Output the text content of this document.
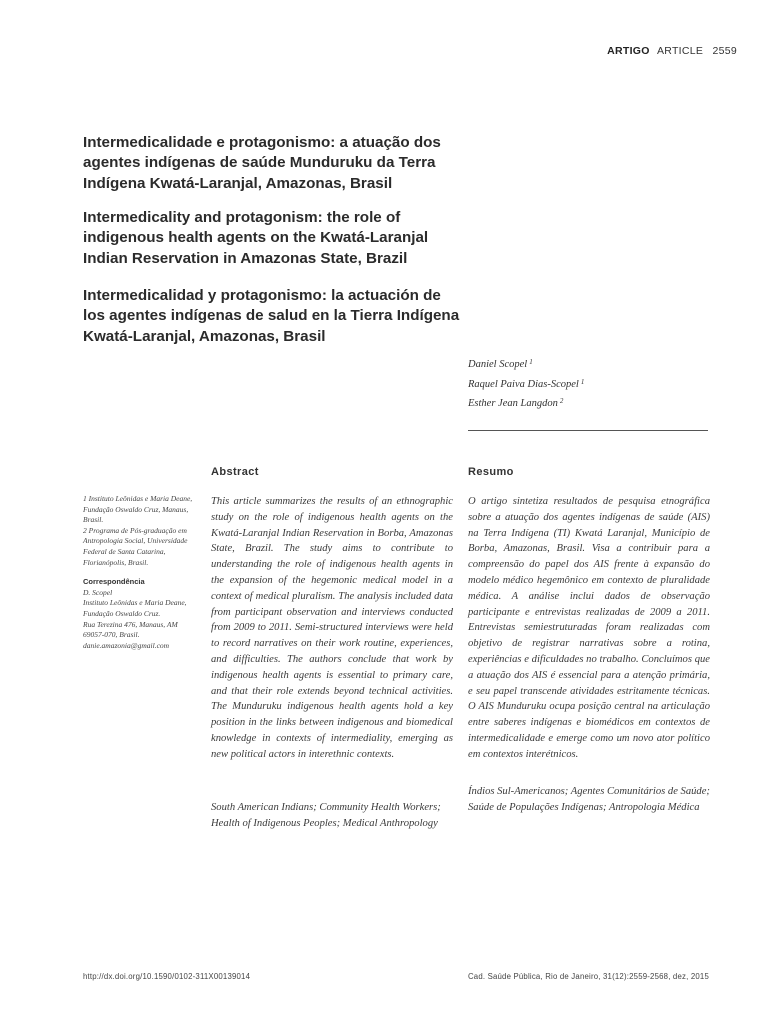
ARTIGO ARTICLE 2559
Intermedicalidade e protagonismo: a atuação dos agentes indígenas de saúde Munduruku da Terra Indígena Kwatá-Laranjal, Amazonas, Brasil
Intermedicality and protagonism: the role of indigenous health agents on the Kwatá-Laranjal Indian Reservation in Amazonas State, Brazil
Intermedicalidad y protagonismo: la actuación de los agentes indígenas de salud en la Tierra Indígena Kwatá-Laranjal, Amazonas, Brasil
Daniel Scopel $^1$
Raquel Paiva Dias-Scopel $^1$
Esther Jean Langdon $^2$
Abstract	Resumo

1 Instituto Leônidas e Maria Deane, Fundação Oswaldo Cruz, Manaus, Brasil.

2 Programa de Pós-graduação em Antropologia Social, Universidade Federal de Santa Catarina, Florianópolis, Brasil.

Correspondência

D. Scopel

Instituto Leônidas e Maria Deane, Fundação Oswaldo Cruz.

Rua Terezina 476, Manaus, AM 69057-070, Brasil.

danie.amazonia@gmail.com

This article summarizes the results of an ethnographic study on the role of indigenous health agents on the Kwatá-Laranjal Indian Reservation in Borba, Amazonas State, Brazil. The study aims to contribute to understanding the role of indigenous health agents in the expansion of the hegemonic medical model in a context of medical pluralism. The analysis included data from participant observation and interviews conducted from 2009 to 2011. Semi-structured interviews were held to record narratives on their work routine, experiences, and difficulties. The authors conclude that work by indigenous health agents is essential to primary care, and that their role extends beyond technical activities. The Munduruku indigenous health agents hold a key position in the links between indigenous and biomedical knowledge in contexts of intermediality, emerging as new political actors in interethnic contexts.

South American Indians; Community Health Workers; Health of Indigenous Peoples; Medical Anthropology

O artigo sintetiza resultados de pesquisa etnográfica sobre a atuação dos agentes indígenas de saúde (AIS) na Terra Indígena (TI) Kwatá Laranjal, Município de Borba, Amazonas, Brasil. Visa a contribuir para a compreensão do papel dos AIS frente à expansão do modelo médico hegemônico em contexto de pluralidade médica. A análise inclui dados de observação participante e entrevistas realizadas de 2009 a 2011. Entrevistas semiestruturadas foram realizadas com objetivo de registrar narrativas sobre a rotina, experiências e dificuldades no trabalho. Concluímos que a atuação dos AIS é essencial para a atenção primária, e seu papel transcende atividades estritamente técnicas. O AIS Munduruku ocupa posição central na articulação entre saberes indígenas e biomédicos em contextos de intermedicalidade e emerge como um novo ator político em contextos interétnicos.

Índios Sul-Americanos; Agentes Comunitários de Saúde; Saúde de Populações Indígenas; Antropologia Médica
http://dx.doi.org/10.1590/0102-311X00139014	Cad. Saúde Pública, Rio de Janeiro, 31(12):2559-2568, dez, 2015
